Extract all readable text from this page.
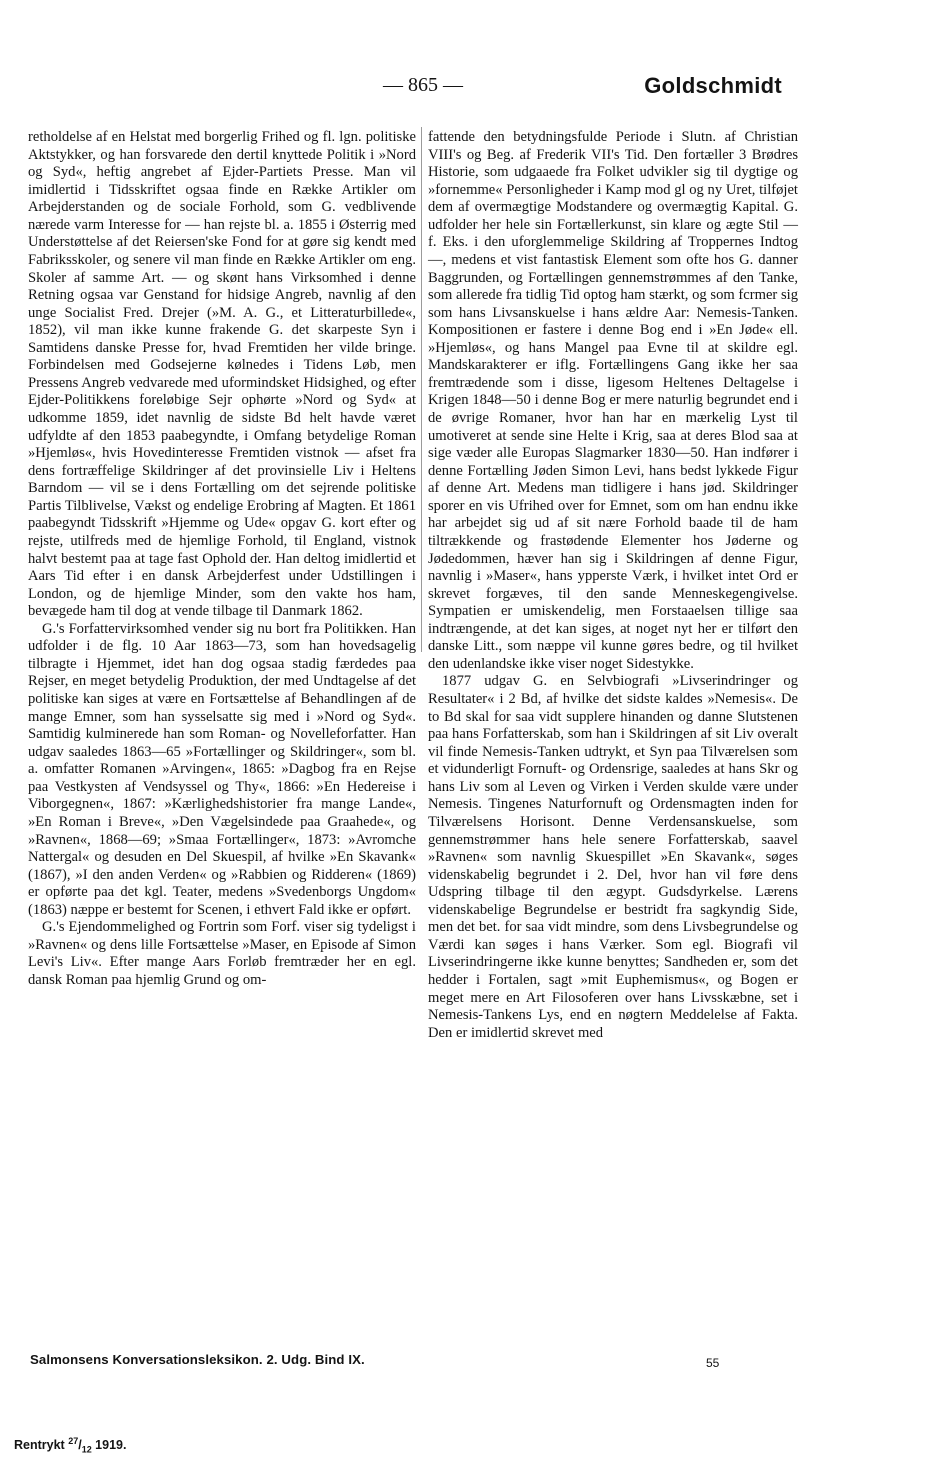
— 865 —	Goldschmidt

retholdelse af en Helstat med borgerlig Frihed og fl. lgn. politiske Aktstykker, og han forsvarede den dertil knyttede Politik i »Nord og Syd«, heftig angrebet af Ejder-Partiets Presse. Man vil imidlertid i Tidsskriftet ogsaa finde en Række Artikler om Arbejderstanden og de sociale Forhold, som G. vedblivende nærede varm Interesse for — han rejste bl. a. 1855 i Østerrig med Understøttelse af det Reiersen'ske Fond for at gøre sig kendt med Fabriksskoler, og senere vil man finde en Række Artikler om eng. Skoler af samme Art. — og skønt hans Virksomhed i denne Retning ogsaa var Genstand for hidsige Angreb, navnlig af den unge Socialist Fred. Drejer (»M. A. G., et Litteraturbillede«, 1852), vil man ikke kunne frakende G. det skarpeste Syn i Samtidens danske Presse for, hvad Fremtiden her vilde bringe. Forbindelsen med Godsejerne kølnedes i Tidens Løb, men Pressens Angreb vedvarede med uformindsket Hidsighed, og efter Ejder-Politikkens foreløbige Sejr ophørte »Nord og Syd« at udkomme 1859, idet navnlig de sidste Bd helt havde været udfyldte af den 1853 paabegyndte, i Omfang betydelige Roman »Hjemløs«, hvis Hovedinteresse Fremtiden vistnok — afset fra dens fortræffelige Skildringer af det provinsielle Liv i Heltens Barndom — vil se i dens Fortælling om det sejrende politiske Partis Tilblivelse, Vækst og endelige Erobring af Magten. Et 1861 paabegyndt Tidsskrift »Hjemme og Ude« opgav G. kort efter og rejste, utilfreds med de hjemlige Forhold, til England, vistnok halvt bestemt paa at tage fast Ophold der. Han deltog imidlertid et Aars Tid efter i en dansk Arbejderfest under Udstillingen i London, og de hjemlige Minder, som den vakte hos ham, bevægede ham til dog at vende tilbage til Danmark 1862.

G.'s Forfattervirksomhed vender sig nu bort fra Politikken. Han udfolder i de flg. 10 Aar 1863—73, som han hovedsagelig tilbragte i Hjemmet, idet han dog ogsaa stadig færdedes paa Rejser, en meget betydelig Produktion, der med Undtagelse af det politiske kan siges at være en Fortsættelse af Behandlingen af de mange Emner, som han sysselsatte sig med i »Nord og Syd«. Samtidig kulminerede han som Roman- og Novelleforfatter. Han udgav saaledes 1863—65 »Fortællinger og Skildringer«, som bl. a. omfatter Romanen »Arvingen«, 1865: »Dagbog fra en Rejse paa Vestkysten af Vendsyssel og Thy«, 1866: »En Hedereise i Viborgegnen«, 1867: »Kærlighedshistorier fra mange Lande«, »En Roman i Breve«, »Den Vægelsindede paa Graahede«, og »Ravnen«, 1868—69; »Smaa Fortællinger«, 1873: »Avromche Nattergal« og desuden en Del Skuespil, af hvilke »En Skavank« (1867), »I den anden Verden« og »Rabbien og Ridderen« (1869) er opførte paa det kgl. Teater, medens »Svedenborgs Ungdom« (1863) næppe er bestemt for Scenen, i ethvert Fald ikke er opført.

G.'s Ejendommelighed og Fortrin som Forf. viser sig tydeligst i »Ravnen« og dens lille Fortsættelse »Maser, en Episode af Simon Levi's Liv«. Efter mange Aars Forløb fremtræder her en egl. dansk Roman paa hjemlig Grund og om-

fattende den betydningsfulde Periode i Slutn. af Christian VIII's og Beg. af Frederik VII's Tid. Den fortæller 3 Brødres Historie, som udgaaede fra Folket udvikler sig til dygtige og »fornemme« Personligheder i Kamp mod gl og ny Uret, tilføjet dem af overmægtige Modstandere og overmægtig Kapital. G. udfolder her hele sin Fortællerkunst, sin klare og ægte Stil — f. Eks. i den uforglemmelige Skildring af Troppernes Indtog —, medens et vist fantastisk Element som ofte hos G. danner Baggrunden, og Fortællingen gennemstrømmes af den Tanke, som allerede fra tidlig Tid optog ham stærkt, og som fcrmer sig som hans Livsanskuelse i hans ældre Aar: Nemesis-Tanken. Kompositionen er fastere i denne Bog end i »En Jøde« ell. »Hjemløs«, og hans Mangel paa Evne til at skildre egl. Mandskarakterer er iflg. Fortællingens Gang ikke her saa fremtrædende som i disse, ligesom Heltenes Deltagelse i Krigen 1848—50 i denne Bog er mere naturlig begrundet end i de øvrige Romaner, hvor han har en mærkelig Lyst til umotiveret at sende sine Helte i Krig, saa at deres Blod saa at sige væder alle Europas Slagmarker 1830—50. Han indfører i denne Fortælling Jøden Simon Levi, hans bedst lykkede Figur af denne Art. Medens man tidligere i hans jød. Skildringer sporer en vis Ufrihed over for Emnet, som om han endnu ikke har arbejdet sig ud af sit nære Forhold baade til de ham tiltrækkende og frastødende Elementer hos Jøderne og Jødedommen, hæver han sig i Skildringen af denne Figur, navnlig i »Maser«, hans ypperste Værk, i hvilket intet Ord er skrevet forgæves, til den sande Menneskegengivelse. Sympatien er umiskendelig, men Forstaaelsen tillige saa indtrængende, at det kan siges, at noget nyt her er tilført den danske Litt., som næppe vil kunne gøres bedre, og til hvilket den udenlandske ikke viser noget Sidestykke.

1877 udgav G. en Selvbiografi »Livserindringer og Resultater« i 2 Bd, af hvilke det sidste kaldes »Nemesis«. De to Bd skal for saa vidt supplere hinanden og danne Slutstenen paa hans Forfatterskab, som han i Skildringen af sit Liv overalt vil finde Nemesis-Tanken udtrykt, et Syn paa Tilværelsen som et vidunderligt Fornuft- og Ordensrige, saaledes at hans Skr og hans Liv som al Leven og Virken i Verden skulde være under Nemesis. Tingenes Naturfornuft og Ordensmagten inden for Tilværelsens Horisont. Denne Verdensanskuelse, som gennemstrømmer hans hele senere Forfatterskab, saavel »Ravnen« som navnlig Skuespillet »En Skavank«, søges videnskabelig begrundet i 2. Del, hvor han vil føre dens Udspring tilbage til den ægypt. Gudsdyrkelse. Lærens videnskabelige Begrundelse er bestridt fra sagkyndig Side, men det bet. for saa vidt mindre, som dens Livsbegrundelse og Værdi kan søges i hans Værker. Som egl. Biografi vil Livserindringerne ikke kunne benyttes; Sandheden er, som det hedder i Fortalen, sagt »mit Euphemismus«, og Bogen er meget mere en Art Filosoferen over hans Livsskæbne, set i Nemesis-Tankens Lys, end en nøgtern Meddelelse af Fakta. Den er imidlertid skrevet med

Salmonsens Konversationsleksikon. 2. Udg. Bind IX.	55
Rentrykt $^{27}/_{12}$ 1919.
